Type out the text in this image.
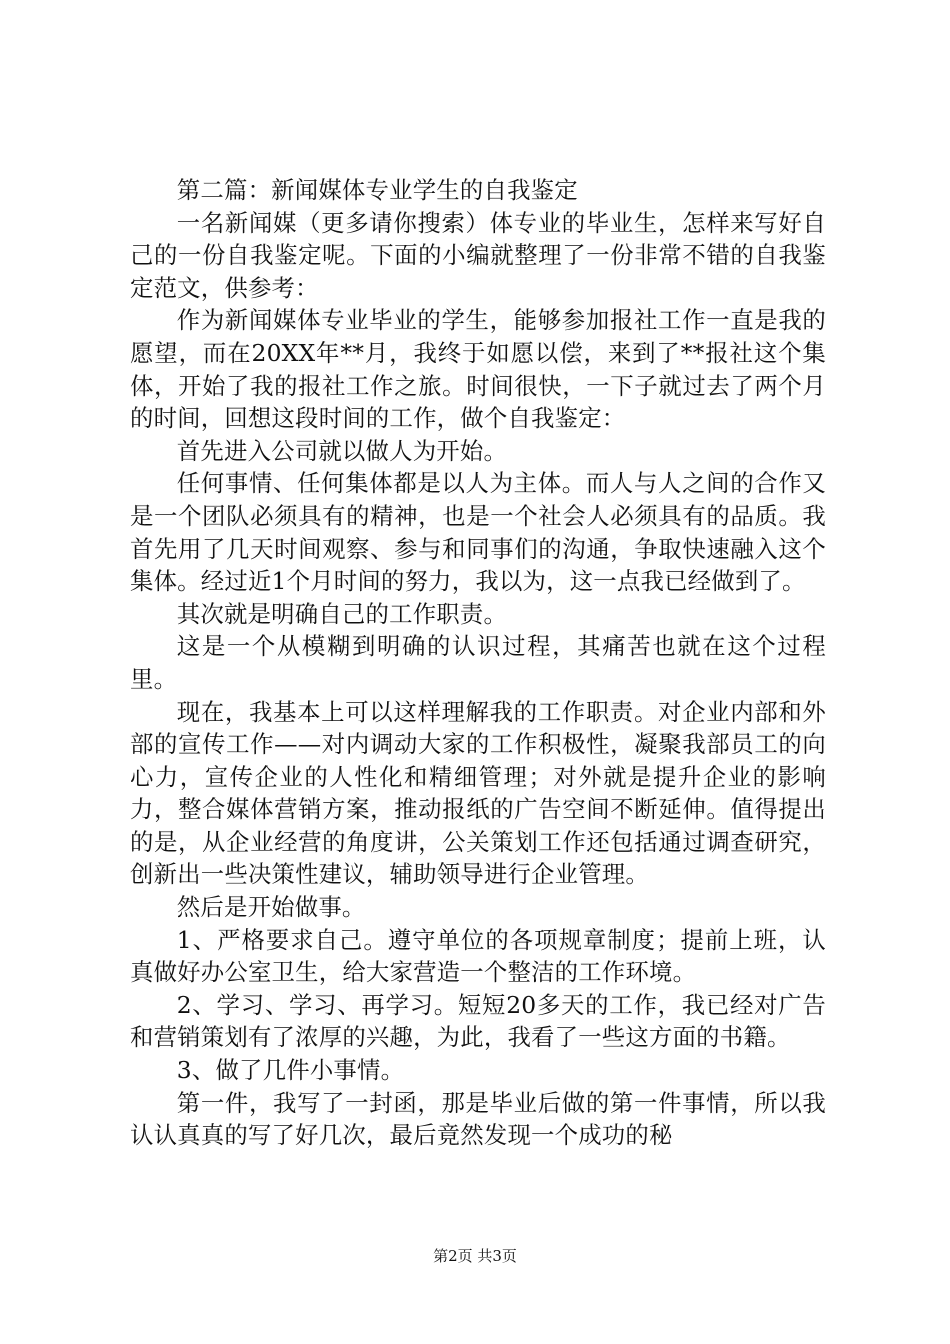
第二篇：新闻媒体专业学生的自我鉴定

一名新闻媒（更多请你搜索）体专业的毕业生，怎样来写好自己的一份自我鉴定呢。下面的小编就整理了一份非常不错的自我鉴定范文，供参考：

作为新闻媒体专业毕业的学生，能够参加报社工作一直是我的愿望，而在20XX年**月，我终于如愿以偿，来到了**报社这个集体，开始了我的报社工作之旅。时间很快，一下子就过去了两个月的时间，回想这段时间的工作，做个自我鉴定：

首先进入公司就以做人为开始。

任何事情、任何集体都是以人为主体。而人与人之间的合作又是一个团队必须具有的精神，也是一个社会人必须具有的品质。我首先用了几天时间观察、参与和同事们的沟通，争取快速融入这个集体。经过近1个月时间的努力，我以为，这一点我已经做到了。

其次就是明确自己的工作职责。

这是一个从模糊到明确的认识过程，其痛苦也就在这个过程里。

现在，我基本上可以这样理解我的工作职责。对企业内部和外部的宣传工作——对内调动大家的工作积极性，凝聚我部员工的向心力，宣传企业的人性化和精细管理；对外就是提升企业的影响力，整合媒体营销方案，推动报纸的广告空间不断延伸。值得提出的是，从企业经营的角度讲，公关策划工作还包括通过调查研究，创新出一些决策性建议，辅助领导进行企业管理。

然后是开始做事。

1、严格要求自己。遵守单位的各项规章制度；提前上班，认真做好办公室卫生，给大家营造一个整洁的工作环境。

2、学习、学习、再学习。短短20多天的工作，我已经对广告和营销策划有了浓厚的兴趣，为此，我看了一些这方面的书籍。

3、做了几件小事情。

第一件，我写了一封函，那是毕业后做的第一件事情，所以我认认真真的写了好几次，最后竟然发现一个成功的秘

第2页 共3页
